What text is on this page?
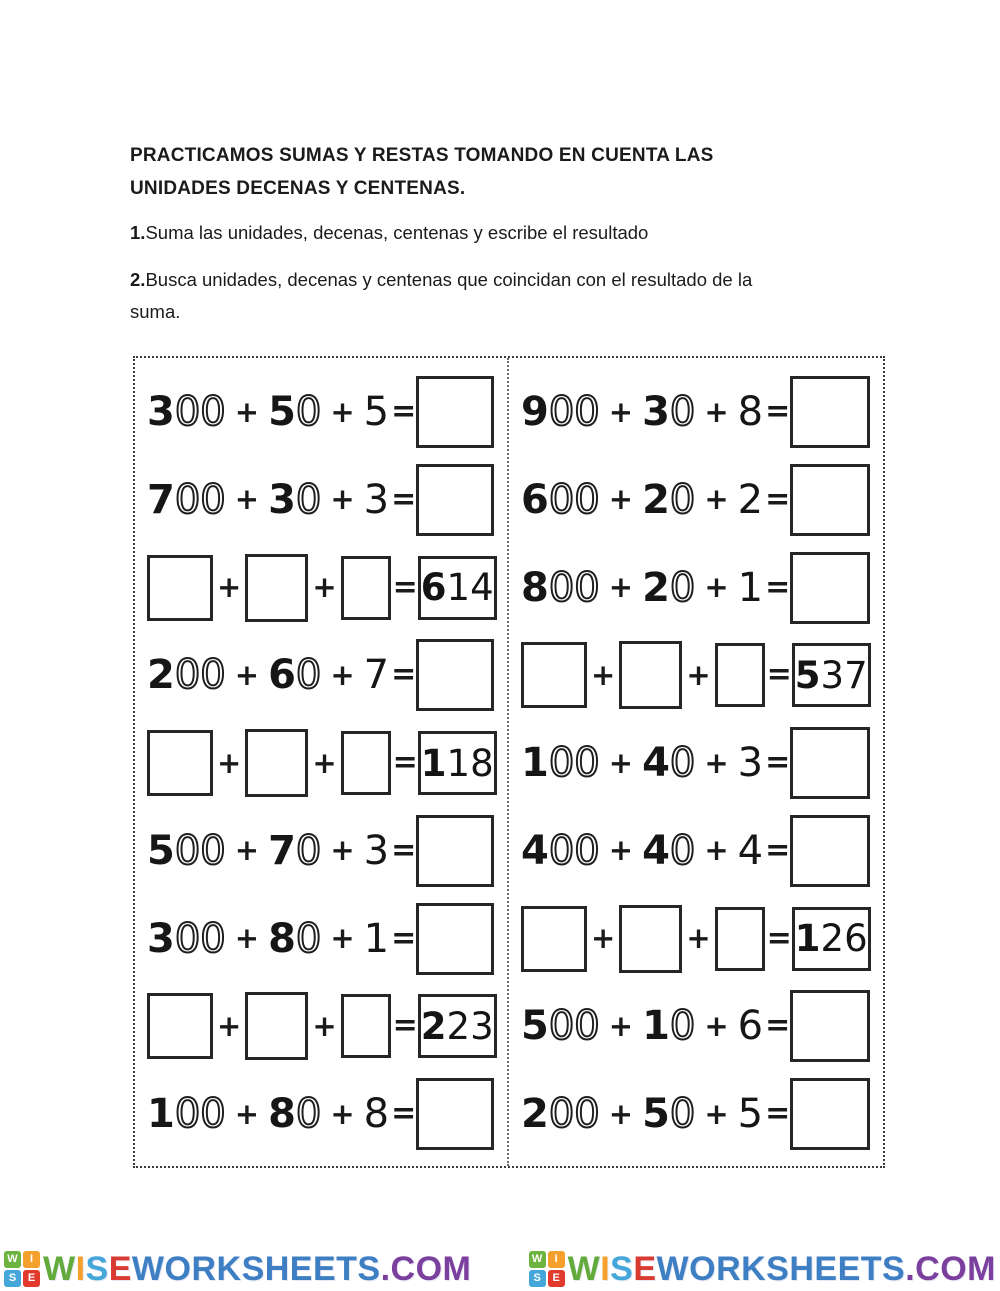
PRACTICAMOS SUMAS Y RESTAS TOMANDO EN CUENTA LAS
UNIDADES DECENAS Y CENTENAS.
1.Suma las unidades, decenas, centenas y escribe el resultado
2.Busca unidades, decenas y centenas que coincidan con el resultado de la suma.
3 0 0 + 5 0 + 5 =
7 0 0 + 3 0 + 3 =
+ + = 6 1 4
2 0 0 + 6 0 + 7 =
+ + = 1 1 8
5 0 0 + 7 0 + 3 =
3 0 0 + 8 0 + 1 =
+ + = 2 2 3
1 0 0 + 8 0 + 8 =
9 0 0 + 3 0 + 8 =
6 0 0 + 2 0 + 2 =
8 0 0 + 2 0 + 1 =
+ + = 5 3 7
1 0 0 + 4 0 + 3 =
4 0 0 + 4 0 + 4 =
+ + = 1 2 6
5 0 0 + 1 0 + 6 =
2 0 0 + 5 0 + 5 =
W	I
S	E WISEWORKSHEETS.COM	W	I
S	E WISEWORKSHEETS.COM
